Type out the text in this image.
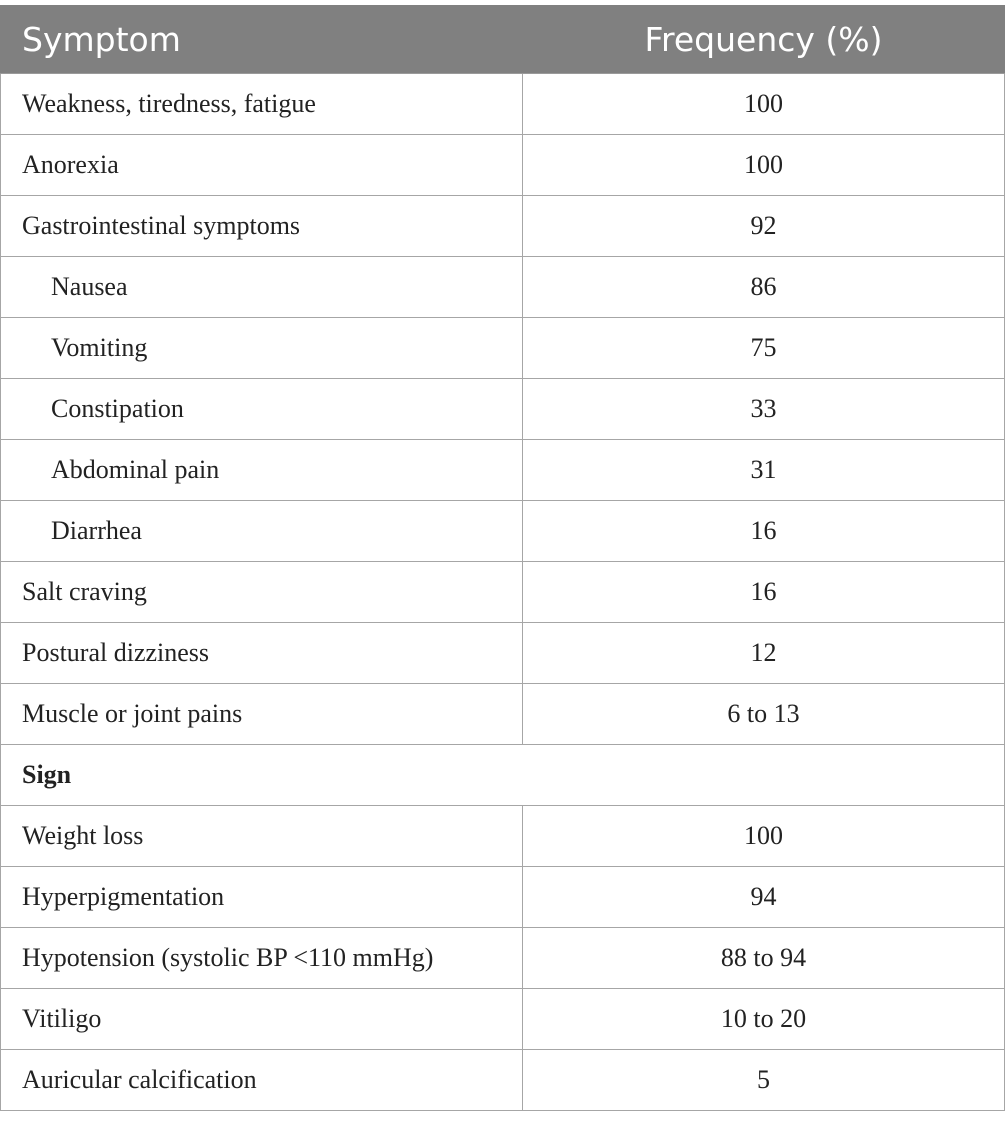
Symptom	Frequency (%)
Weakness, tiredness, fatigue	100
Anorexia	100
Gastrointestinal symptoms	92
Nausea	86
Vomiting	75
Constipation	33
Abdominal pain	31
Diarrhea	16
Salt craving	16
Postural dizziness	12
Muscle or joint pains	6 to 13
Sign	
Weight loss	100
Hyperpigmentation	94
Hypotension (systolic BP <110 mmHg)	88 to 94
Vitiligo	10 to 20
Auricular calcification	5
